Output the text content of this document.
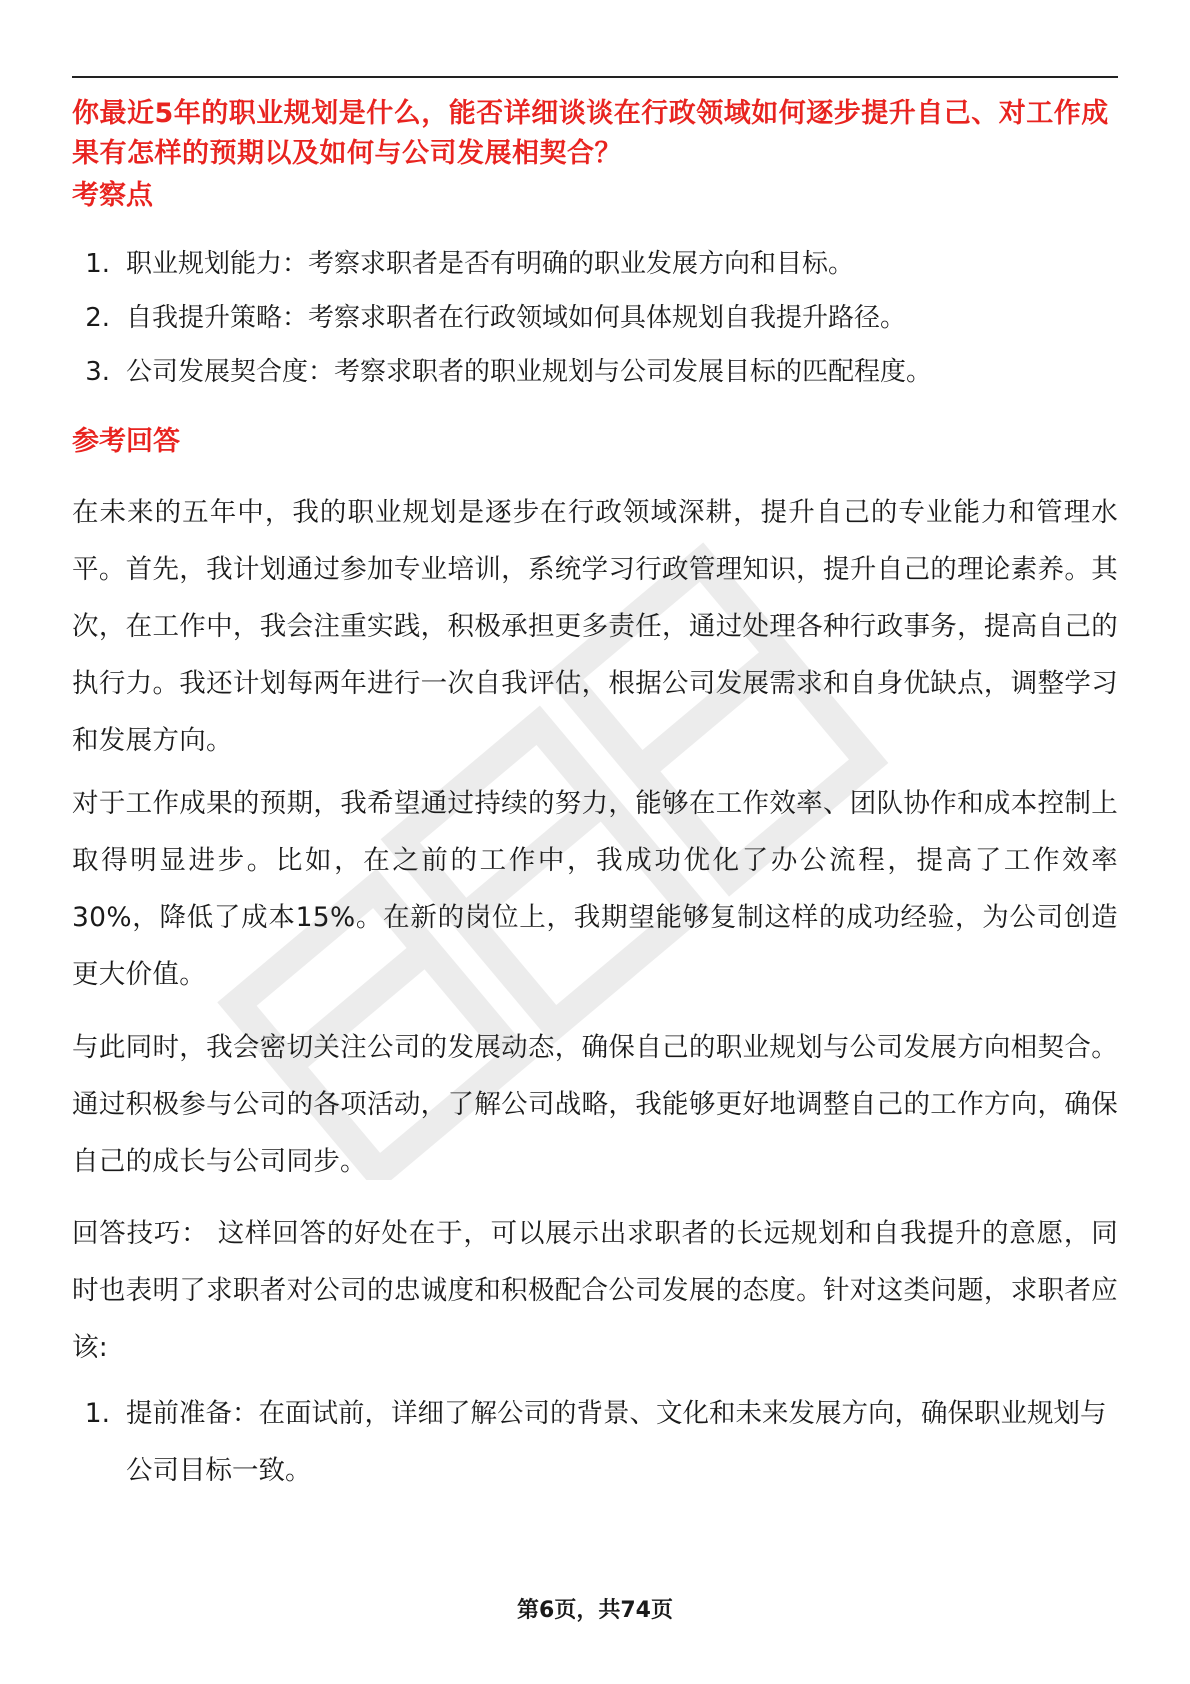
你最近5年的职业规划是什么，能否详细谈谈在行政领域如何逐步提升自己、对工作成果有怎样的预期以及如何与公司发展相契合？
考察点
1. 职业规划能力：考察求职者是否有明确的职业发展方向和目标。
2. 自我提升策略：考察求职者在行政领域如何具体规划自我提升路径。
3. 公司发展契合度：考察求职者的职业规划与公司发展目标的匹配程度。
参考回答

在未来的五年中，我的职业规划是逐步在行政领域深耕，提升自己的专业能力和管理水平。首先，我计划通过参加专业培训，系统学习行政管理知识，提升自己的理论素养。其次，在工作中，我会注重实践，积极承担更多责任，通过处理各种行政事务，提高自己的执行力。我还计划每两年进行一次自我评估，根据公司发展需求和自身优缺点，调整学习和发展方向。

对于工作成果的预期，我希望通过持续的努力，能够在工作效率、团队协作和成本控制上取得明显进步。比如，在之前的工作中，我成功优化了办公流程，提高了工作效率30%，降低了成本15%。在新的岗位上，我期望能够复制这样的成功经验，为公司创造更大价值。

与此同时，我会密切关注公司的发展动态，确保自己的职业规划与公司发展方向相契合。通过积极参与公司的各项活动，了解公司战略，我能够更好地调整自己的工作方向，确保自己的成长与公司同步。

回答技巧： 这样回答的好处在于，可以展示出求职者的长远规划和自我提升的意愿，同时也表明了求职者对公司的忠诚度和积极配合公司发展的态度。针对这类问题，求职者应该:

1. 提前准备：在面试前，详细了解公司的背景、文化和未来发展方向，确保职业规划与公司目标一致。
第6页，共74页
